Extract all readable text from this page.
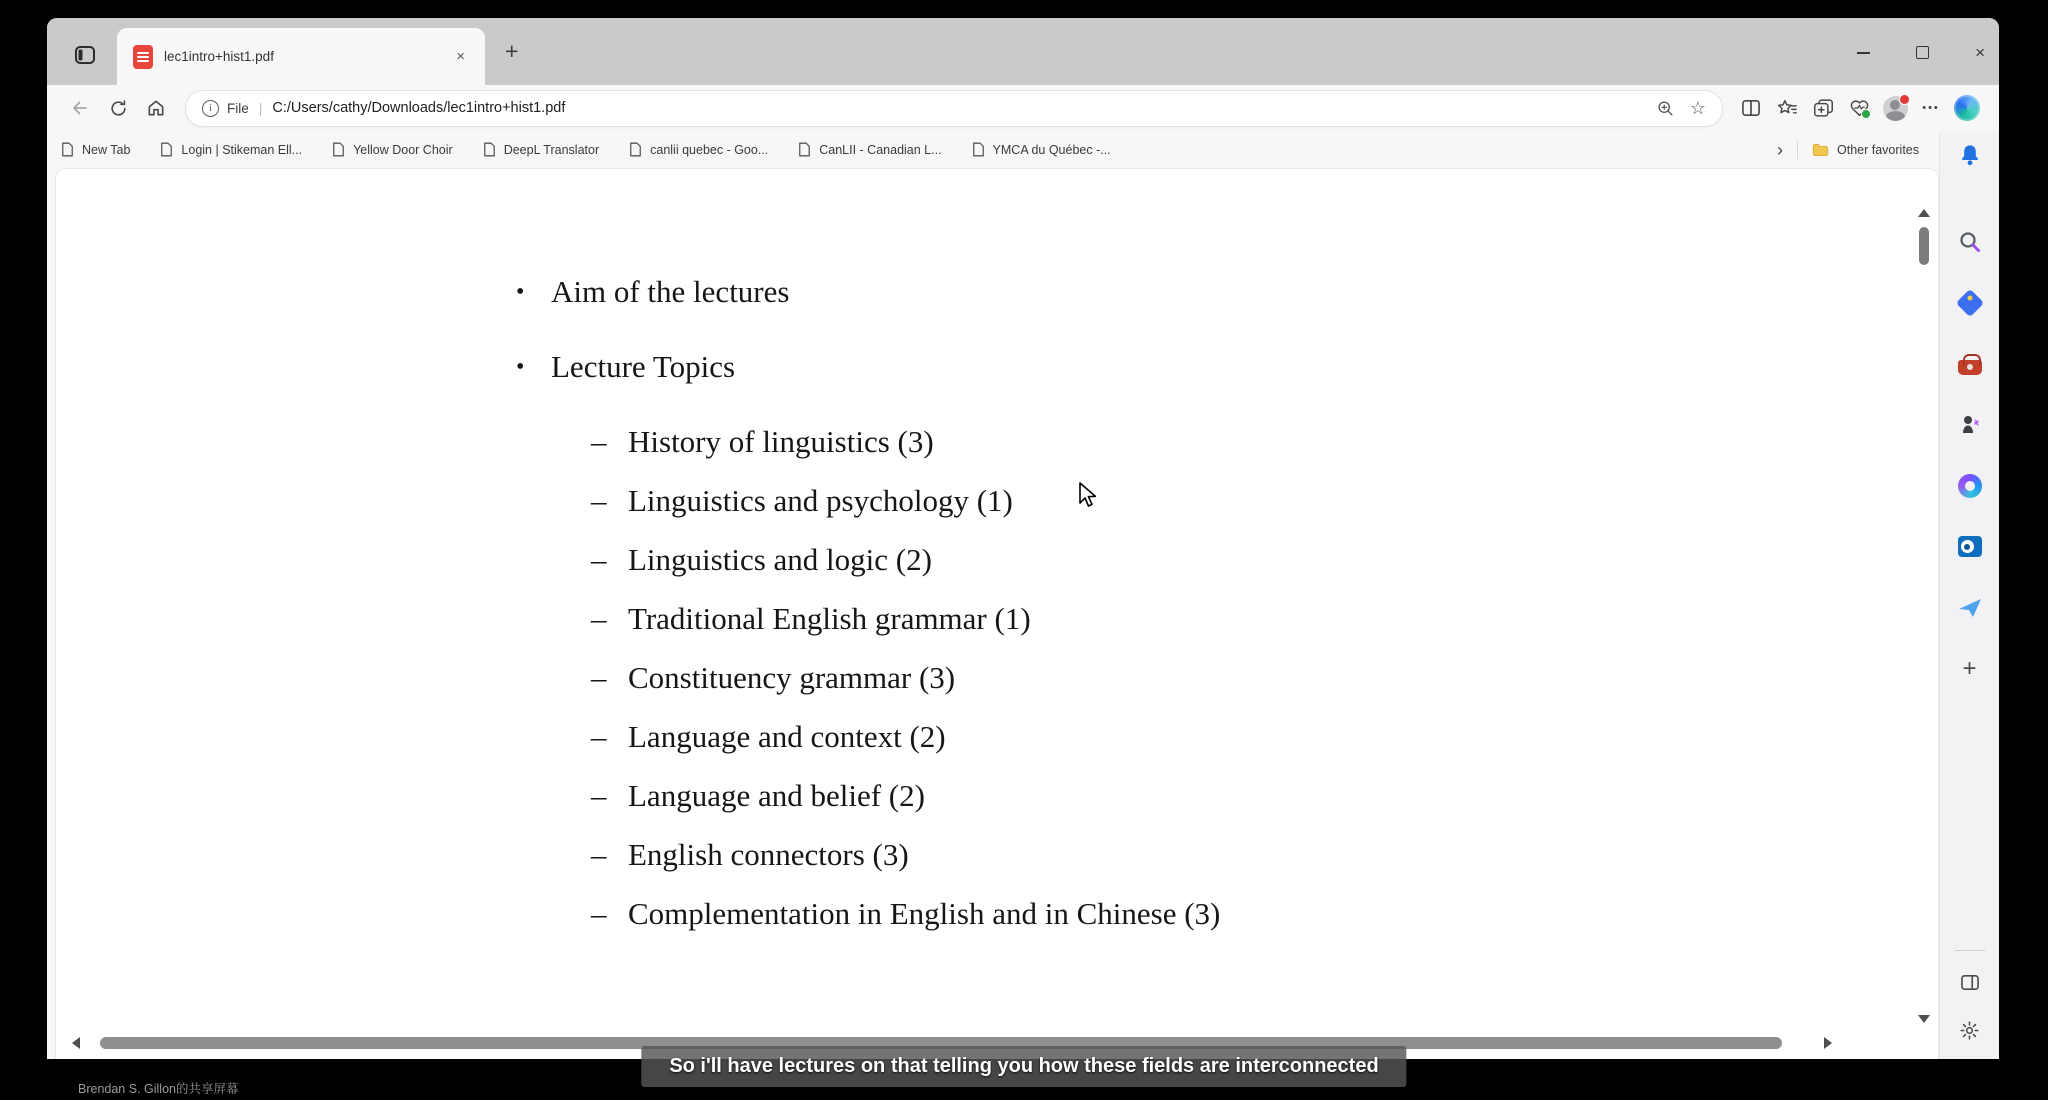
lec1intro+hist1.pdf	× +	×
i	File | C:/Users/cathy/Downloads/lec1intro+hist1.pdf	☆	•••
New Tab	Login | Stikeman Ell...	Yellow Door Choir	DeepL Translator	canlii quebec - Goo...	CanLII - Canadian L...	YMCA du Québec -...	›	Other favorites
• Aim of the lectures
• Lecture Topics
– History of linguistics (3)
– Linguistics and psychology (1)
– Linguistics and logic (2)
– Traditional English grammar (1)
– Constituency grammar (3)
– Language and context (2)
– Language and belief (2)
– English connectors (3)
– Complementation in English and in Chinese (3)
+
So i'll have lectures on that telling you how these fields are interconnected
Brendan S. Gillon的共享屏幕
